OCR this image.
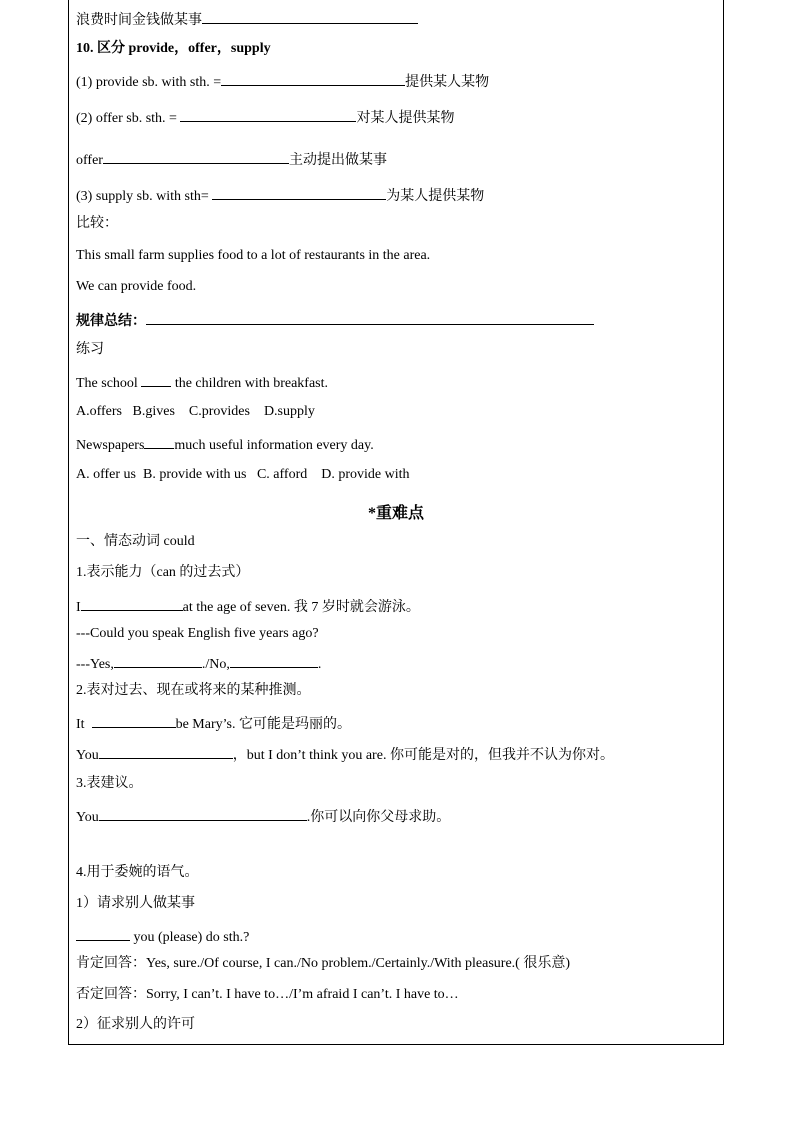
浪费时间金钱做某事
10. 区分 provide，offer，supply
(1) provide sb. with sth. =	提供某人某物
(2) offer sb. sth. =	对某人提供某物
offer	主动提出做某事
(3) supply sb. with sth=	为某人提供某物
比较：
This small farm supplies food to a lot of restaurants in the area.
We can provide food.
规律总结：
练习
The school	the children with breakfast.
A.offers   B.gives    C.provides    D.supply
Newspapers much useful information every day.
A. offer us  B. provide with us   C. afford    D. provide with
*重难点
一、情态动词 could
1.表示能力（can 的过去式）
I	at the age of seven. 我 7 岁时就会游泳。
---Could you speak English five years ago?
---Yes,	./No,	.
2.表对过去、现在或将来的某种推测。
It	be Mary’s. 它可能是玛丽的。
You	，but I don’t think you are. 你可能是对的，但我并不认为你对。
3.表建议。
You	.你可以向你父母求助。
4.用于委婉的语气。
1）请求别人做某事
you (please) do sth.?
肯定回答：Yes, sure./Of course, I can./No problem./Certainly./With pleasure.( 很乐意)
否定回答：Sorry, I can’t. I have to…/I’m afraid I can’t. I have to…
2）征求别人的许可
